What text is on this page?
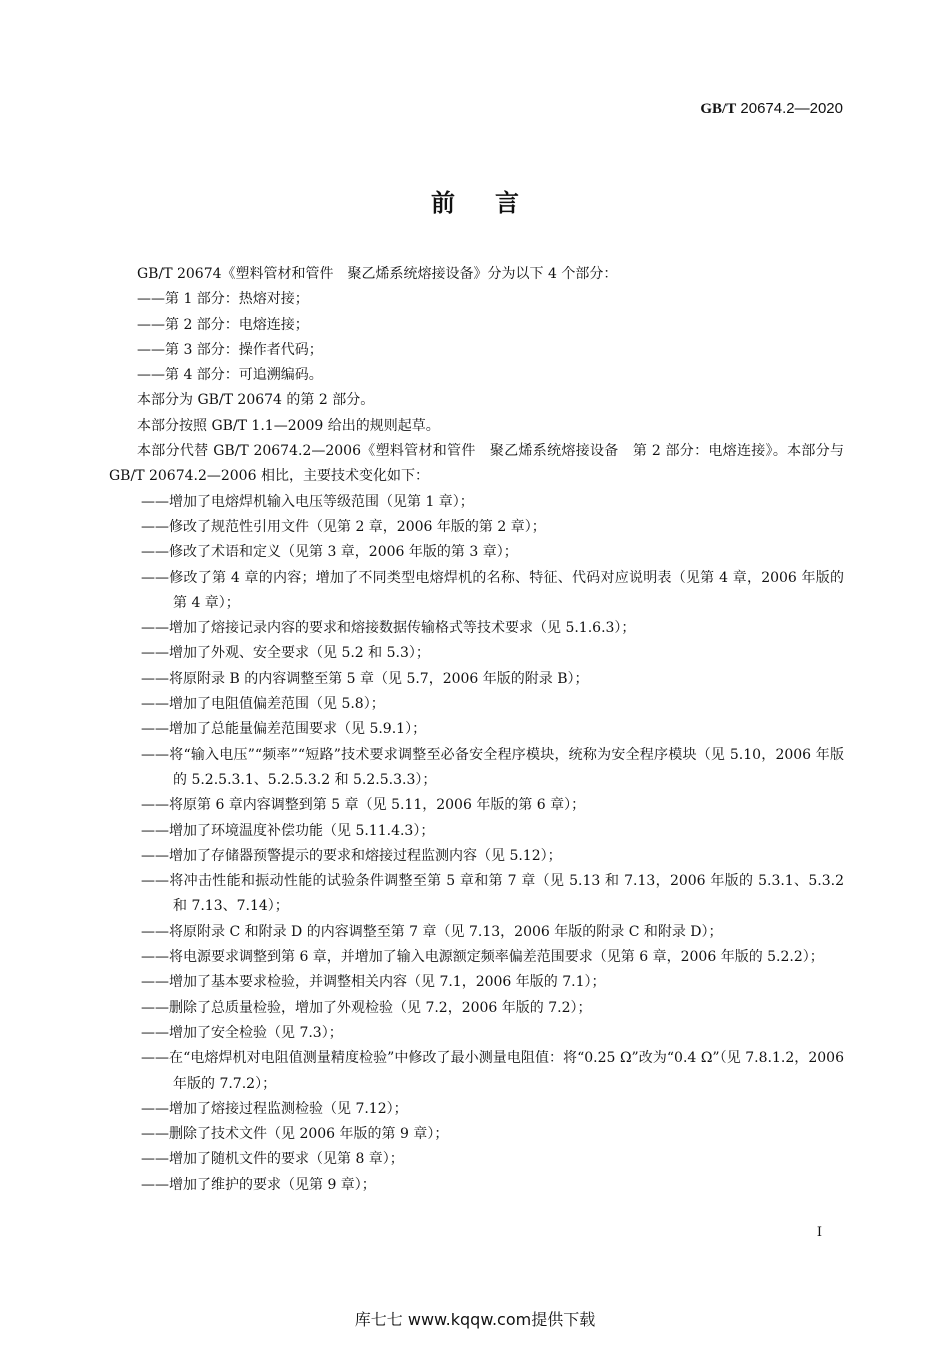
GB/T 20674.2—2020
前言

GB/T 20674《塑料管材和管件　聚乙烯系统熔接设备》分为以下 4 个部分：

——第 1 部分：热熔对接；

——第 2 部分：电熔连接；

——第 3 部分：操作者代码；

——第 4 部分：可追溯编码。

本部分为 GB/T 20674 的第 2 部分。

本部分按照 GB/T 1.1—2009 给出的规则起草。

本部分代替 GB/T 20674.2—2006《塑料管材和管件　聚乙烯系统熔接设备　第 2 部分：电熔连接》。本部分与 GB/T 20674.2—2006 相比，主要技术变化如下：

——增加了电熔焊机输入电压等级范围（见第 1 章）；

——修改了规范性引用文件（见第 2 章，2006 年版的第 2 章）；

——修改了术语和定义（见第 3 章，2006 年版的第 3 章）；

——修改了第 4 章的内容；增加了不同类型电熔焊机的名称、特征、代码对应说明表（见第 4 章，2006 年版的第 4 章）；

——增加了熔接记录内容的要求和熔接数据传输格式等技术要求（见 5.1.6.3）；

——增加了外观、安全要求（见 5.2 和 5.3）；

——将原附录 B 的内容调整至第 5 章（见 5.7，2006 年版的附录 B）；

——增加了电阻值偏差范围（见 5.8）；

——增加了总能量偏差范围要求（见 5.9.1）；

——将“输入电压”“频率”“短路”技术要求调整至必备安全程序模块，统称为安全程序模块（见 5.10，2006 年版的 5.2.5.3.1、5.2.5.3.2 和 5.2.5.3.3）；

——将原第 6 章内容调整到第 5 章（见 5.11，2006 年版的第 6 章）；

——增加了环境温度补偿功能（见 5.11.4.3）；

——增加了存储器预警提示的要求和熔接过程监测内容（见 5.12）；

——将冲击性能和振动性能的试验条件调整至第 5 章和第 7 章（见 5.13 和 7.13，2006 年版的 5.3.1、5.3.2 和 7.13、7.14）；

——将原附录 C 和附录 D 的内容调整至第 7 章（见 7.13，2006 年版的附录 C 和附录 D）；

——将电源要求调整到第 6 章，并增加了输入电源额定频率偏差范围要求（见第 6 章，2006 年版的 5.2.2）；

——增加了基本要求检验，并调整相关内容（见 7.1，2006 年版的 7.1）；

——删除了总质量检验，增加了外观检验（见 7.2，2006 年版的 7.2）；

——增加了安全检验（见 7.3）；

——在“电熔焊机对电阻值测量精度检验”中修改了最小测量电阻值：将“0.25 Ω”改为“0.4 Ω”（见 7.8.1.2，2006 年版的 7.7.2）；

——增加了熔接过程监测检验（见 7.12）；

——删除了技术文件（见 2006 年版的第 9 章）；

——增加了随机文件的要求（见第 8 章）；

——增加了维护的要求（见第 9 章）；

I
库七七 www.kqqw.com提供下载
